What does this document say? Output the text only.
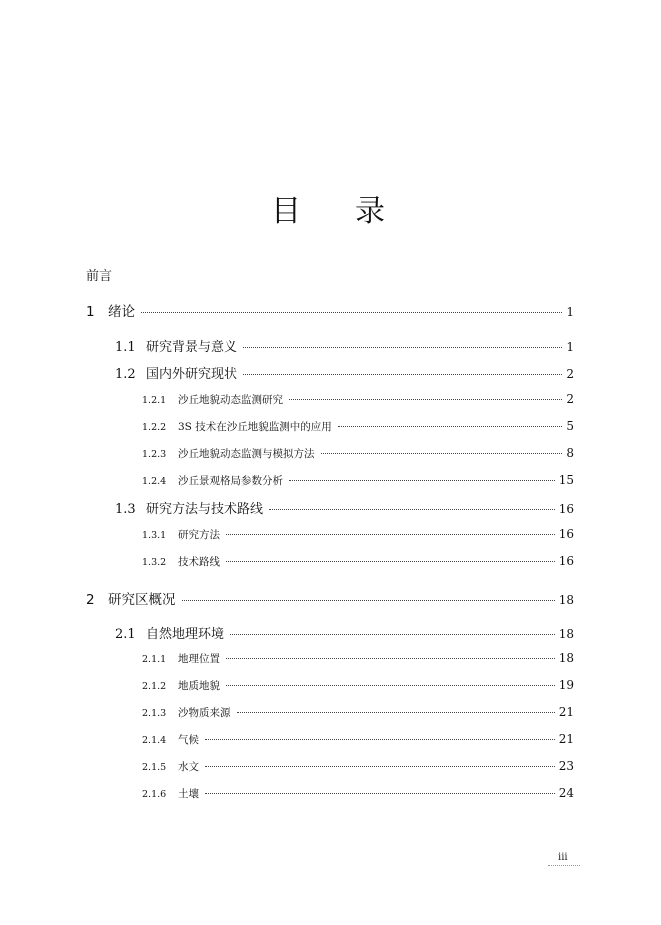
目 录
前言
1 绪论	1
1.1 研究背景与意义	1
1.2 国内外研究现状	2
1.2.1	沙丘地貌动态监测研究	2
1.2.2	3S 技术在沙丘地貌监测中的应用	5
1.2.3	沙丘地貌动态监测与模拟方法	8
1.2.4	沙丘景观格局参数分析	15
1.3 研究方法与技术路线	16
1.3.1	研究方法	16
1.3.2	技术路线	16
2 研究区概况	18
2.1 自然地理环境	18
2.1.1	地理位置	18
2.1.2	地质地貌	19
2.1.3	沙物质来源	21
2.1.4	气候	21
2.1.5	水文	23
2.1.6	土壤	24
iii
